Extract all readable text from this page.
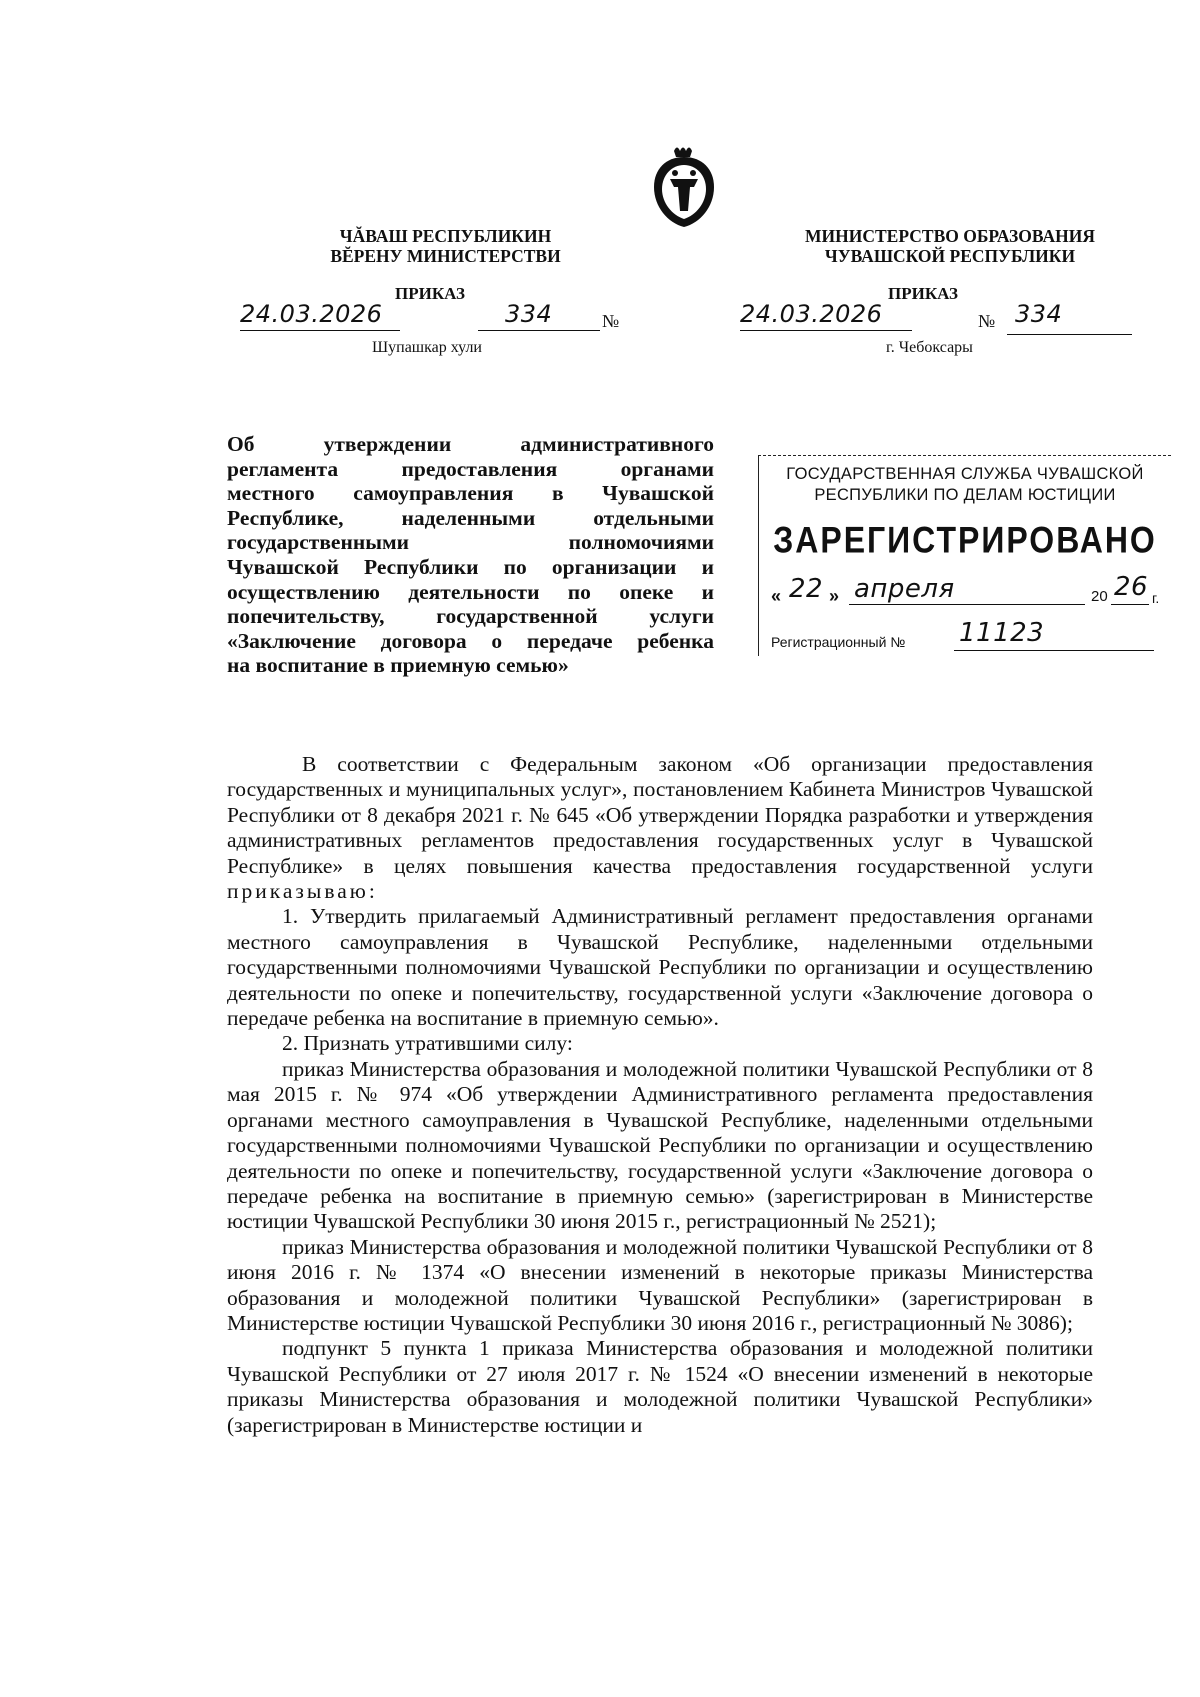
ЧĂВАШ РЕСПУБЛИКИН
ВĔРЕНУ МИНИСТЕРСТВИ
МИНИСТЕРСТВО ОБРАЗОВАНИЯ
ЧУВАШСКОЙ РЕСПУБЛИКИ
ПРИКАЗ	ПРИКАЗ
24.03.2026	334	№
Шупашкар хули
24.03.2026	№ 334
г. Чебоксары
Об утверждении административного
регламента предоставления органами
местного самоуправления в Чувашской
Республике, наделенными отдельными
государственными полномочиями
Чувашской Республики по организации и
осуществлению деятельности по опеке и
попечительству, государственной услуги
«Заключение договора о передаче ребенка
на воспитание в приемную семью»
ГОСУДАРСТВЕННАЯ СЛУЖБА ЧУВАШСКОЙ
РЕСПУБЛИКИ ПО ДЕЛАМ ЮСТИЦИИ
ЗАРЕГИСТРИРОВАНО
« 22 » апреля	20 26 г.
Регистрационный № 11123

В соответствии с Федеральным законом «Об организации предоставления государственных и муниципальных услуг», постановлением Кабинета Министров Чувашской Республики от 8 декабря 2021 г. № 645 «Об утверждении Порядка разработки и утверждения административных регламентов предоставления государственных услуг в Чувашской Республике» в целях повышения качества предоставления государственной услуги приказываю:

1. Утвердить прилагаемый Административный регламент предоставления органами местного самоуправления в Чувашской Республике, наделенными отдельными государственными полномочиями Чувашской Республики по организации и осуществлению деятельности по опеке и попечительству, государственной услуги «Заключение договора о передаче ребенка на воспитание в приемную семью».

2. Признать утратившими силу:

приказ Министерства образования и молодежной политики Чувашской Республики от 8 мая 2015 г. № 974 «Об утверждении Административного регламента предоставления органами местного самоуправления в Чувашской Республике, наделенными отдельными государственными полномочиями Чувашской Республики по организации и осуществлению деятельности по опеке и попечительству, государственной услуги «Заключение договора о передаче ребенка на воспитание в приемную семью» (зарегистрирован в Министерстве юстиции Чувашской Республики 30 июня 2015 г., регистрационный № 2521);

приказ Министерства образования и молодежной политики Чувашской Республики от 8 июня 2016 г. № 1374 «О внесении изменений в некоторые приказы Министерства образования и молодежной политики Чувашской Республики» (зарегистрирован в Министерстве юстиции Чувашской Республики 30 июня 2016 г., регистрационный № 3086);

подпункт 5 пункта 1 приказа Министерства образования и молодежной политики Чувашской Республики от 27 июля 2017 г. № 1524 «О внесении изменений в некоторые приказы Министерства образования и молодежной политики Чувашской Республики» (зарегистрирован в Министерстве юстиции и
